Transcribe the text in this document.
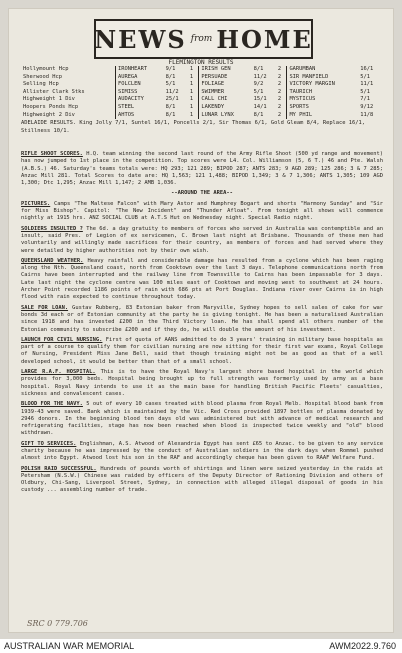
NEWS from HOME
FLEMINGTON RESULTS
Hollymount Hcp	IRONHEART	9/1	1	IRISH GEN	8/1	2	GARUMBAN	16/1
Sherwood Hcp	AUREGA	8/1	1	PERSUADE	11/2	2	SIR MANFIELD	5/1
Selling Hcp	FOLCLEN	5/1	1	FOLIAGE	9/2	2	VICTORY MARGIN	11/1
Allister Clark Stks	SIMISS	11/2	1	SWIMMER	5/1	2	TAURICH	5/1
Highweight 1 Div	AUDACITY	25/1	1	CALL CHI	15/1	2	MYSTICUS	7/1
Hoopers Ponds Hcp	STEEL	8/1	1	LAKENDY	14/1	2	SPORTS	9/12
Highweight 2 Div	AHTOS	8/1	1	LUNAR LYNX	8/1	2	MY PHIL	11/8
ADELAIDE RESULTS. King Jolly 7/1, Suntel 16/1, Poncells 2/1, Sir Thomas 6/1, Gold Gleam 8/4, Replace 16/1, Stillness 10/1.

RIFLE SHOOT SCORES. H.Q. team winning the second last round of the Army Rifle Shoot (500 yd range and movement) has now jumped to 1st place in the competition. Top scores were L4. Col. Williamson (5, 6 T.) 46 and Pte. Walsh (A.B.S.) 46. Saturday's teams totals were: HQ 293; 121 289; BIPOD 287; ANTS 283; 9 AGD 289; 125 286; 3 & 7 285; Anzac Mill 281. Total Scores to date are: HQ 1,563; 121 1,488; BIPOD 1,349; 3 & 7 1,306; ANTS 1,305; 109 AGD 1,300; Dtc 1,295; Anzac Mill 1,147; 2 AMB 1,036.

--AROUND THE AREA--

PICTURES. Camps "The Maltese Falcon" with Mary Astor and Humphrey Bogart and shorts "Harmony Sunday" and "Sir for Miss Bishop". Capitol: "The New Incident" and "Thunder Afloat". From tonight all shows will commence nightly at 1915 hrs. ANZ SOCIAL CLUB at A.T.S Hut on Wednesday night. Special Radio night.

SOLDIERS INSULTED ? The 6d. a day gratuity to members of forces who served in Australia was contemptible and an insult, said Pres. of Legion of ex servicemen, C. Brown last night at Brisbane. Thousands of these men had voluntarily and willingly made sacrifices for their country, as members of forces and had served where they were detailed by higher authorities not by their own wish.

QUEENSLAND WEATHER. Heavy rainfall and considerable damage has resulted from a cyclone which has been raging along the Nth. Queensland coast, north from Cooktown over the last 3 days. Telephone communications north from Cairns have been interrupted and the railway line from Townsville to Cairns has been impassable for 3 days. Late last night the cyclone centre was 100 miles east of Cooktown and moving west to southwest at 24 hours. Archer Point recorded 1186 points of rain with 686 pts at Port Douglas. Indiana river over Cairns is in high flood with rain expected to continue throughout today.

SALE FOR LOAN. Gustav Rubberg, 83 Estonian baker from Maryville, Sydney hopes to sell sales of cake for war bonds 3d each or of Estonian community at the party he is giving tonight. He has been a naturalised Australian since 1918 and has invested £200 in the Third Victory loan. He has shall spend all others number of the Estonian community to subscribe £200 and if they do, he will double the amount of his investment.

LAUNCH FOR CIVIL NURSING. First of quota of AANS admitted to do 3 years' training in military base hospitals as part of a course to qualify them for civilian nursing are now sitting for their first war exams, Royal College of Nursing, President Miss Jane Bell, said that though training might not be as good as that of a well developed school, it would be better than that of a small school.

LARGE R.A.F. HOSPITAL. This is to have the Royal Navy's largest shore based hospital in the world which provides for 3,000 beds. Hospital being brought up to full strength was formerly used by army as a base hospital. Royal Navy intends to use it as the main base for handling British Pacific Fleets' casualties, sickness and convalescent cases.

BLOOD FOR THE NAVY. 5 out of every 10 cases treated with blood plasma from Royal Melb. Hospital blood bank from 1939-43 were saved. Bank which is maintained by the Vic. Red Cross provided 1897 bottles of plasma donated by 2946 donors. In the beginning blood ten days old was administered but with advance of medical research and refrigerating facilities, stage has now been reached when blood is inspected twice weekly and "old" blood withdrawn.

GIFT TO SERVICES. Englishman, A.S. Atwood of Alexandria Egypt has sent £65 to Anzac. to be given to any service charity because he was impressed by the conduct of Australian soldiers in the dark days when Rommel pushed almost into Egypt. Atwood lost his son in the RAF and accordingly cheque has been given to RAAF Welfare Fund.

POLISH RAID SUCCESSFUL. Hundreds of pounds worth of shirtings and linen were seized yesterday in the raids at Petersham (N.S.W.) Chinese was raided by officers of the Deputy Director of Rationing Division and others of Oldbury, Chi-Sang, Liverpool Street, Sydney, in connection with alleged illegal disposal of goods in his custody ... assembling number of trade.

SRC 0 779.706
AUSTRALIAN WAR MEMORIAL	AWM2022.9.760
